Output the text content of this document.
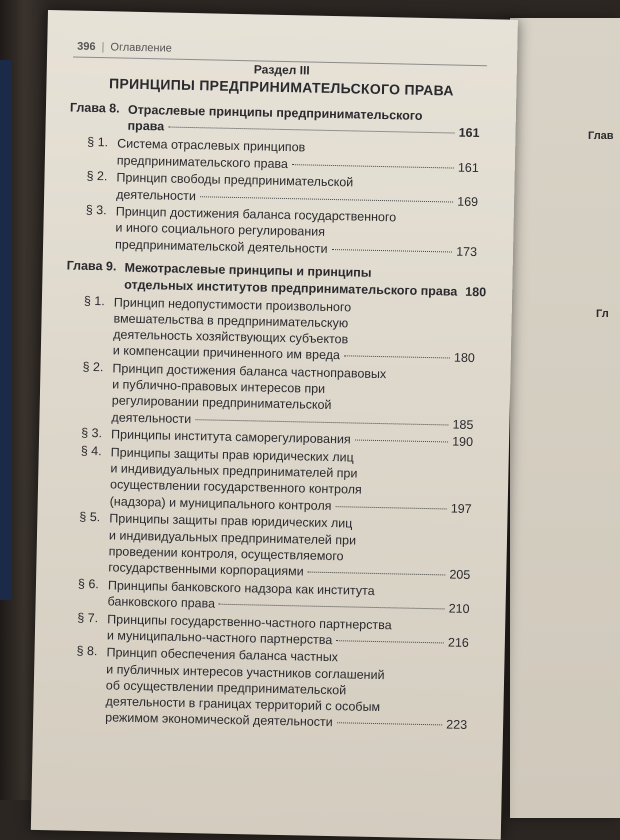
Глав
Гл
396 | Оглавление
Раздел III
ПРИНЦИПЫ ПРЕДПРИНИМАТЕЛЬСКОГО ПРАВА
Глава 8. Отраслевые принципы предпринимательского
права	161
§ 1. Система отраслевых принципов
предпринимательского права	161
§ 2. Принцип свободы предпринимательской
деятельности	169
§ 3. Принцип достижения баланса государственного
и иного социального регулирования
предпринимательской деятельности	173
Глава 9. Межотраслевые принципы и принципы
отдельных институтов предпринимательского права 180
§ 1. Принцип недопустимости произвольного
вмешательства в предпринимательскую
деятельность хозяйствующих субъектов
и компенсации причиненного им вреда	180
§ 2. Принцип достижения баланса частноправовых
и публично-правовых интересов при
регулировании предпринимательской
деятельности	185
§ 3. Принципы института саморегулирования	190
§ 4. Принципы защиты прав юридических лиц
и индивидуальных предпринимателей при
осуществлении государственного контроля
(надзора) и муниципального контроля	197
§ 5. Принципы защиты прав юридических лиц
и индивидуальных предпринимателей при
проведении контроля, осуществляемого
государственными корпорациями	205
§ 6. Принципы банковского надзора как института
банковского права	210
§ 7. Принципы государственно-частного партнерства
и муниципально-частного партнерства	216
§ 8. Принцип обеспечения баланса частных
и публичных интересов участников соглашений
об осуществлении предпринимательской
деятельности в границах территорий с особым
режимом экономической деятельности	223
